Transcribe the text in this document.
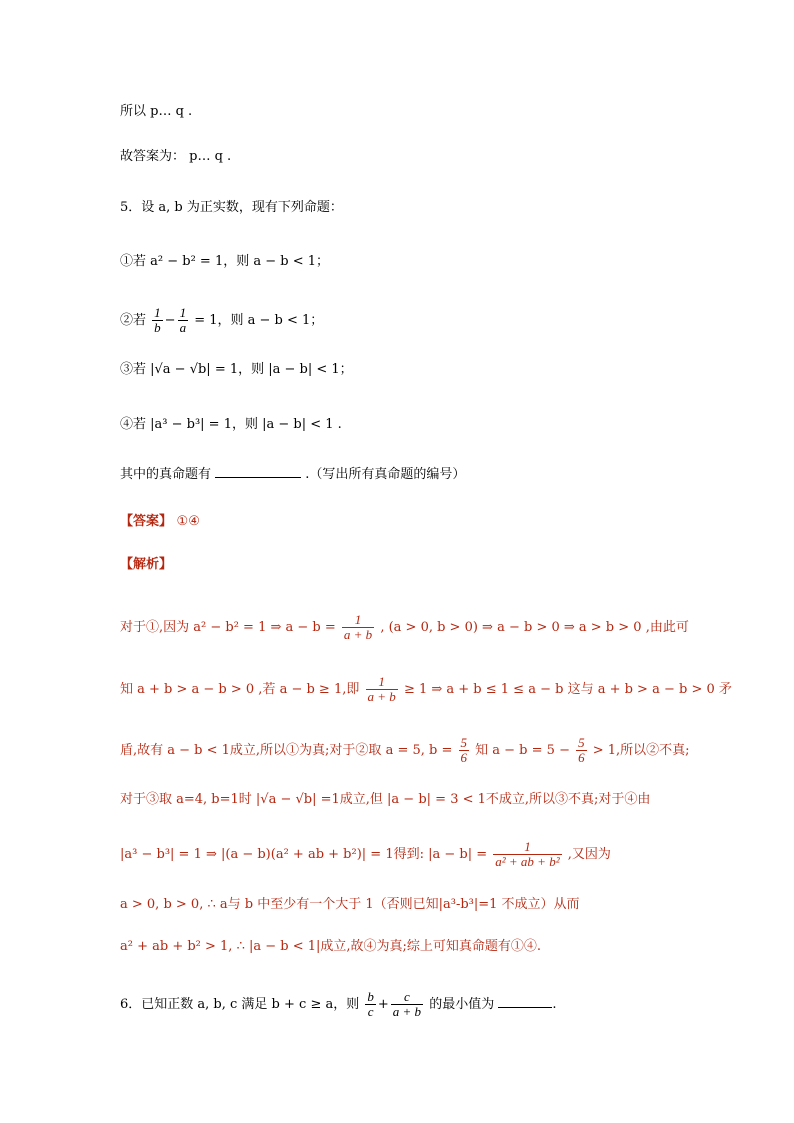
所以 p… q .
故答案为： p… q .
5．设 a, b 为正实数，现有下列命题：
①若 a² − b² = 1，则 a − b < 1；
②若 $\frac{1}{b} - \frac{1}{a} = 1$，则 a − b < 1；
③若 |√a − √b| = 1，则 |a − b| < 1；
④若 |a³ − b³| = 1，则 |a − b| < 1 .
其中的真命题有	.（写出所有真命题的编号）
【答案】 ①④
【解析】
对于①,因为 a² − b² = 1 ⇒ $a - b = \frac{1}{a + b}$ , (a > 0, b > 0) ⇒ a − b > 0 ⇒ a > b > 0 ,由此可
知 a + b > a − b > 0 ,若 a − b ≥ 1,即 $\frac{1}{a + b} \ge 1$ ⇒ a + b ≤ 1 ≤ a − b 这与 a + b > a − b > 0 矛
盾,故有 a − b < 1成立,所以①为真;对于②取 a = 5, $b = \frac{5}{6}$ 知 $a - b = 5 - \frac{5}{6} > 1$,所以②不真;
对于③取 a=4, b=1时 |√a − √b| =1成立,但 |a − b| = 3 < 1不成立,所以③不真;对于④由
|a³ − b³| = 1 ⇒ |(a − b)(a² + ab + b²)| = 1得到: $|a - b| = \frac{1}{\text{a² + ab + b²}}$ ,又因为
a > 0, b > 0, ∴ a与 b 中至少有一个大于 1（否则已知|a³-b³|=1 不成立）从而
a² + ab + b² > 1, ∴ |a − b < 1|成立,故④为真;综上可知真命题有①④.
6．已知正数 a, b, c 满足 b + c ≥ a，则 $\frac{b}{c} + \frac{c}{a + b}$ 的最小值为	.
